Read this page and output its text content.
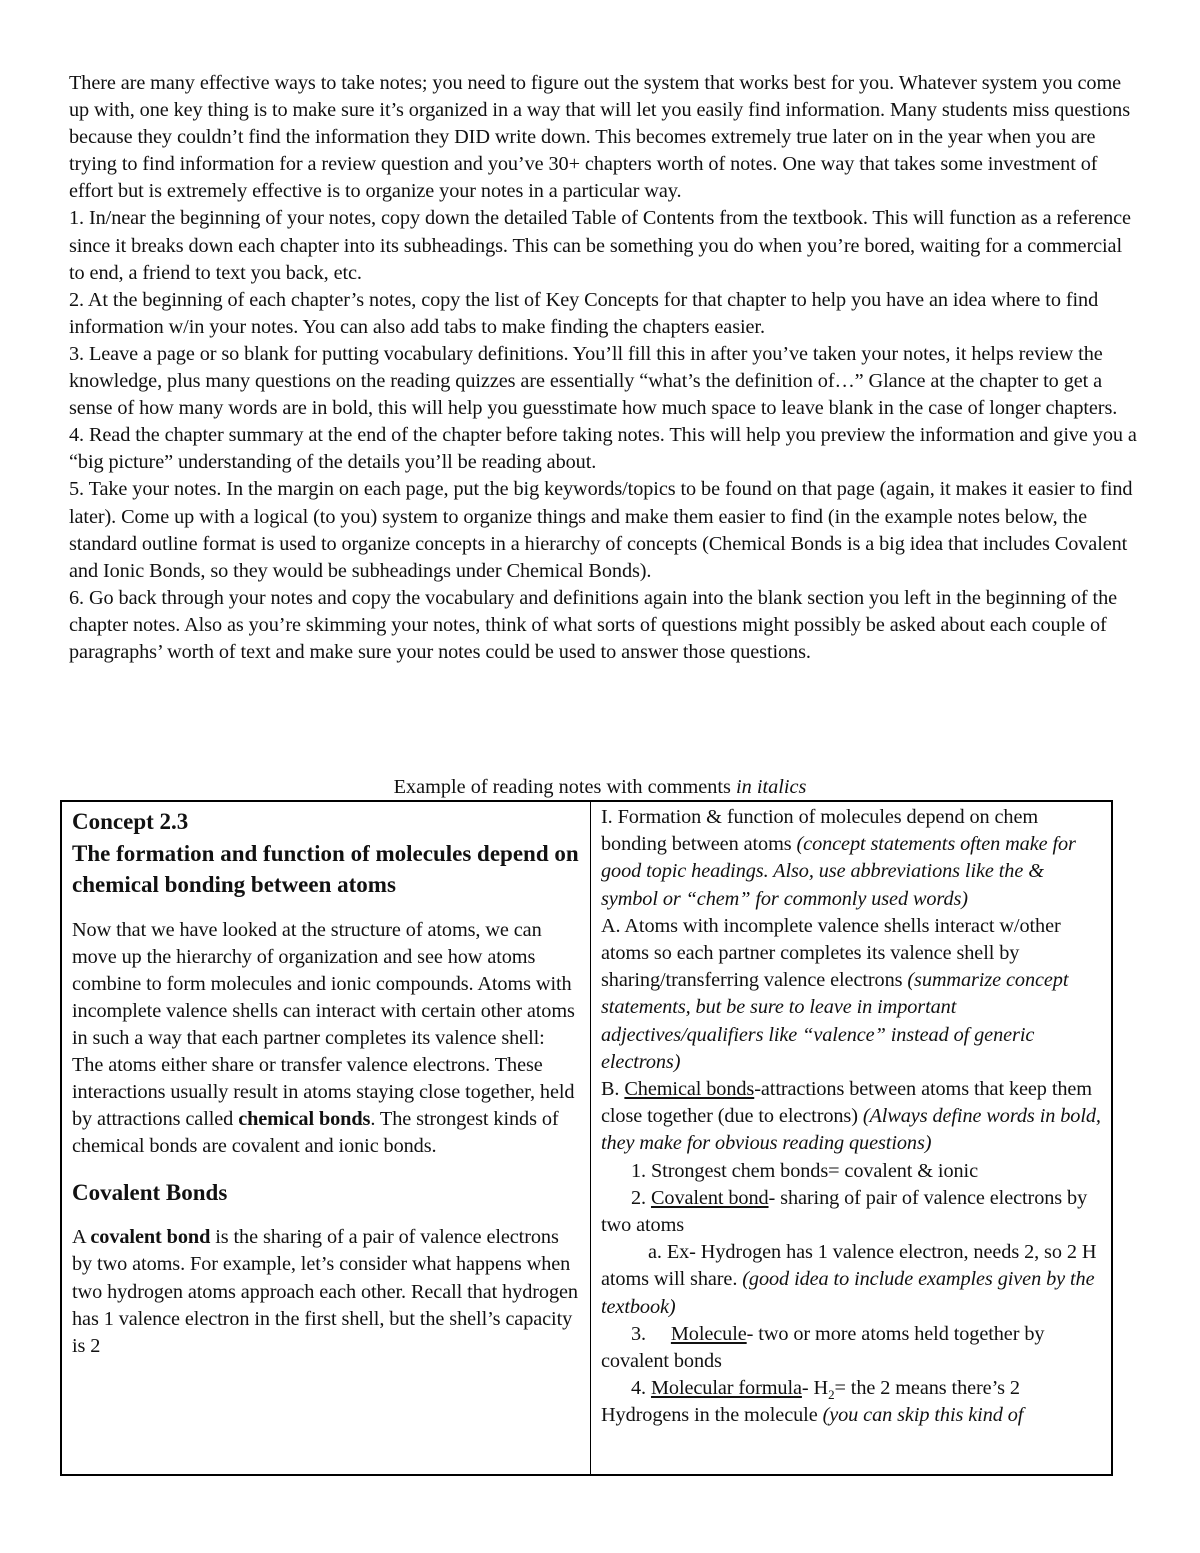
There are many effective ways to take notes; you need to figure out the system that works best for you. Whatever system you come up with, one key thing is to make sure it’s organized in a way that will let you easily find information. Many students miss questions because they couldn’t find the information they DID write down. This becomes extremely true later on in the year when you are trying to find information for a review question and you’ve 30+ chapters worth of notes. One way that takes some investment of effort but is extremely effective is to organize your notes in a particular way.

1. In/near the beginning of your notes, copy down the detailed Table of Contents from the textbook. This will function as a reference since it breaks down each chapter into its subheadings. This can be something you do when you’re bored, waiting for a commercial to end, a friend to text you back, etc.

2. At the beginning of each chapter’s notes, copy the list of Key Concepts for that chapter to help you have an idea where to find information w/in your notes. You can also add tabs to make finding the chapters easier.

3. Leave a page or so blank for putting vocabulary definitions. You’ll fill this in after you’ve taken your notes, it helps review the knowledge, plus many questions on the reading quizzes are essentially “what’s the definition of…” Glance at the chapter to get a sense of how many words are in bold, this will help you guesstimate how much space to leave blank in the case of longer chapters.

4. Read the chapter summary at the end of the chapter before taking notes. This will help you preview the information and give you a “big picture” understanding of the details you’ll be reading about.

5. Take your notes. In the margin on each page, put the big keywords/topics to be found on that page (again, it makes it easier to find later). Come up with a logical (to you) system to organize things and make them easier to find (in the example notes below, the standard outline format is used to organize concepts in a hierarchy of concepts (Chemical Bonds is a big idea that includes Covalent and Ionic Bonds, so they would be subheadings under Chemical Bonds).

6. Go back through your notes and copy the vocabulary and definitions again into the blank section you left in the beginning of the chapter notes. Also as you’re skimming your notes, think of what sorts of questions might possibly be asked about each couple of paragraphs’ worth of text and make sure your notes could be used to answer those questions.

Example of reading notes with comments in italics
Concept 2.3
The formation and function of molecules depend on chemical bonding between atoms

Now that we have looked at the structure of atoms, we can move up the hierarchy of organization and see how atoms combine to form molecules and ionic compounds. Atoms with incomplete valence shells can interact with certain other atoms in such a way that each partner completes its valence shell: The atoms either share or transfer valence electrons. These interactions usually result in atoms staying close together, held by attractions called chemical bonds. The strongest kinds of chemical bonds are covalent and ionic bonds.

Covalent Bonds

A covalent bond is the sharing of a pair of valence electrons by two atoms. For example, let’s consider what happens when two hydrogen atoms approach each other. Recall that hydrogen has 1 valence electron in the first shell, but the shell’s capacity is 2

I. Formation & function of molecules depend on chem bonding between atoms (concept statements often make for good topic headings. Also, use abbreviations like the & symbol or “chem” for commonly used words)

A. Atoms with incomplete valence shells interact w/other atoms so each partner completes its valence shell by sharing/transferring valence electrons (summarize concept statements, but be sure to leave in important adjectives/qualifiers like “valence” instead of generic electrons)

B. Chemical bonds-attractions between atoms that keep them close together (due to electrons) (Always define words in bold, they make for obvious reading questions)

1. Strongest chem bonds= covalent & ionic

2. Covalent bond- sharing of pair of valence electrons by two atoms

a. Ex- Hydrogen has 1 valence electron, needs 2, so 2 H atoms will share. (good idea to include examples given by the textbook)

3.     Molecule- two or more atoms held together by covalent bonds

4. Molecular formula- $H_2=$ the 2 means there’s 2 Hydrogens in the molecule (you can skip this kind of
